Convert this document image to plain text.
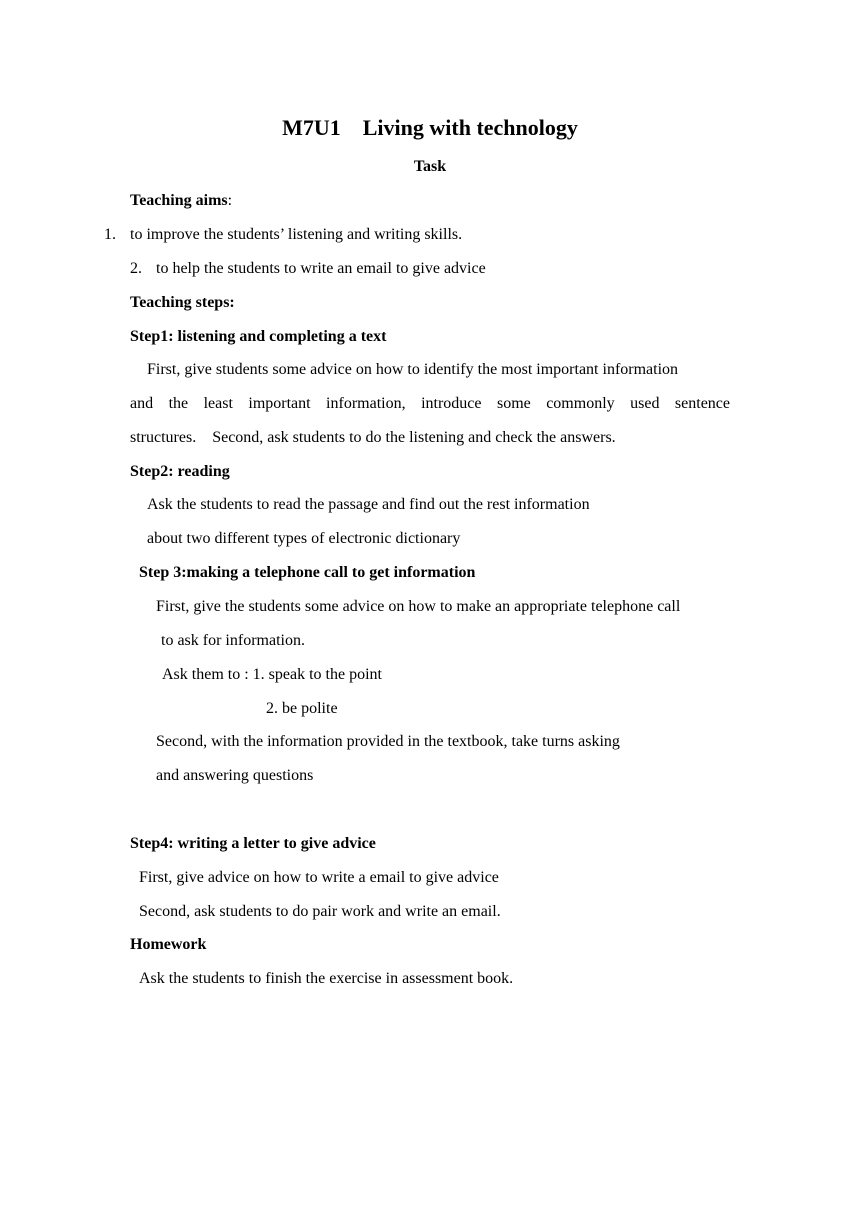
M7U1    Living with technology
Task
Teaching aims:
1. to improve the students’ listening and writing skills.
2. to help the students to write an email to give advice
Teaching steps:
Step1: listening and completing a text
First, give students some advice on how to identify the most important information
and the least important information, introduce some commonly used sentence
structures.    Second, ask students to do the listening and check the answers.
Step2: reading
Ask the students to read the passage and find out the rest information
about two different types of electronic dictionary
Step 3:making a telephone call to get information
First, give the students some advice on how to make an appropriate telephone call
to ask for information.
Ask them to : 1. speak to the point
2. be polite
Second, with the information provided in the textbook, take turns asking
and answering questions
Step4: writing a letter to give advice
First, give advice on how to write a email to give advice
Second, ask students to do pair work and write an email.
Homework
Ask the students to finish the exercise in assessment book.
